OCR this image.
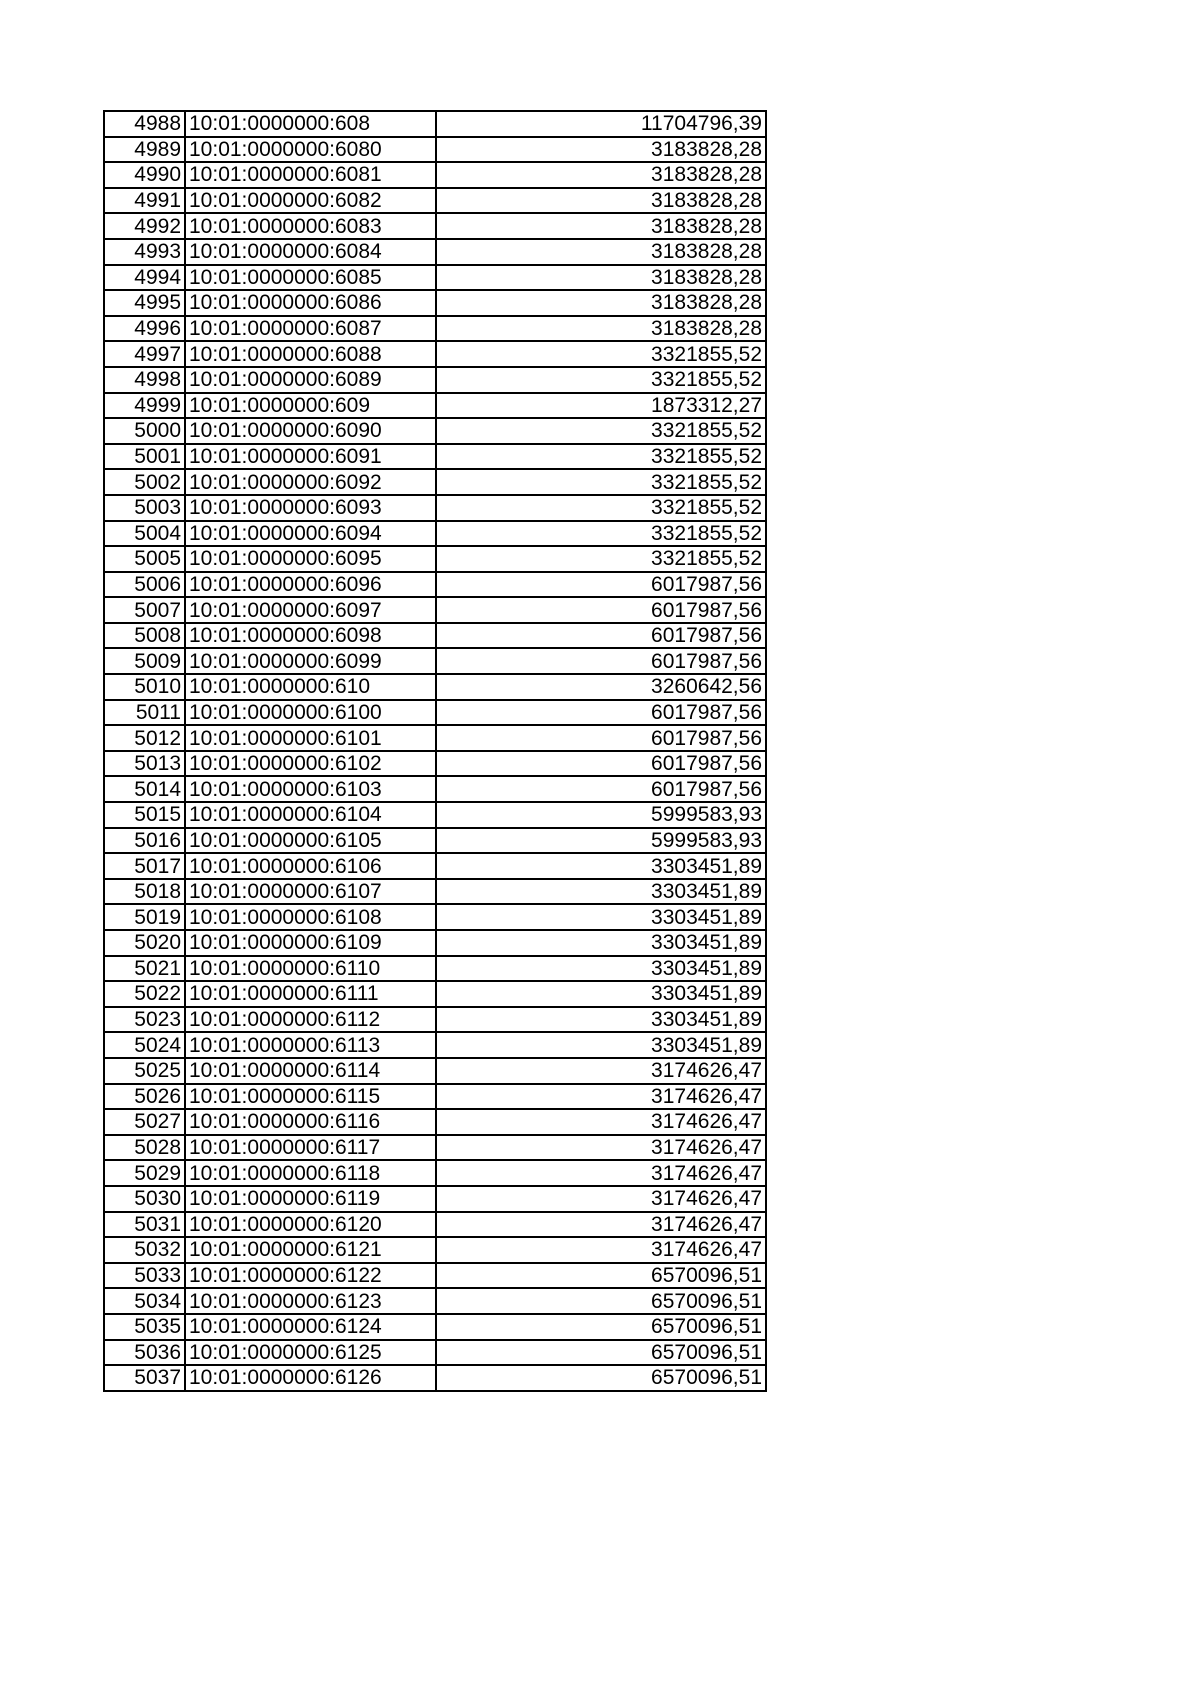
4988	10:01:0000000:608	11704796,39
4989	10:01:0000000:6080	3183828,28
4990	10:01:0000000:6081	3183828,28
4991	10:01:0000000:6082	3183828,28
4992	10:01:0000000:6083	3183828,28
4993	10:01:0000000:6084	3183828,28
4994	10:01:0000000:6085	3183828,28
4995	10:01:0000000:6086	3183828,28
4996	10:01:0000000:6087	3183828,28
4997	10:01:0000000:6088	3321855,52
4998	10:01:0000000:6089	3321855,52
4999	10:01:0000000:609	1873312,27
5000	10:01:0000000:6090	3321855,52
5001	10:01:0000000:6091	3321855,52
5002	10:01:0000000:6092	3321855,52
5003	10:01:0000000:6093	3321855,52
5004	10:01:0000000:6094	3321855,52
5005	10:01:0000000:6095	3321855,52
5006	10:01:0000000:6096	6017987,56
5007	10:01:0000000:6097	6017987,56
5008	10:01:0000000:6098	6017987,56
5009	10:01:0000000:6099	6017987,56
5010	10:01:0000000:610	3260642,56
5011	10:01:0000000:6100	6017987,56
5012	10:01:0000000:6101	6017987,56
5013	10:01:0000000:6102	6017987,56
5014	10:01:0000000:6103	6017987,56
5015	10:01:0000000:6104	5999583,93
5016	10:01:0000000:6105	5999583,93
5017	10:01:0000000:6106	3303451,89
5018	10:01:0000000:6107	3303451,89
5019	10:01:0000000:6108	3303451,89
5020	10:01:0000000:6109	3303451,89
5021	10:01:0000000:6110	3303451,89
5022	10:01:0000000:6111	3303451,89
5023	10:01:0000000:6112	3303451,89
5024	10:01:0000000:6113	3303451,89
5025	10:01:0000000:6114	3174626,47
5026	10:01:0000000:6115	3174626,47
5027	10:01:0000000:6116	3174626,47
5028	10:01:0000000:6117	3174626,47
5029	10:01:0000000:6118	3174626,47
5030	10:01:0000000:6119	3174626,47
5031	10:01:0000000:6120	3174626,47
5032	10:01:0000000:6121	3174626,47
5033	10:01:0000000:6122	6570096,51
5034	10:01:0000000:6123	6570096,51
5035	10:01:0000000:6124	6570096,51
5036	10:01:0000000:6125	6570096,51
5037	10:01:0000000:6126	6570096,51
